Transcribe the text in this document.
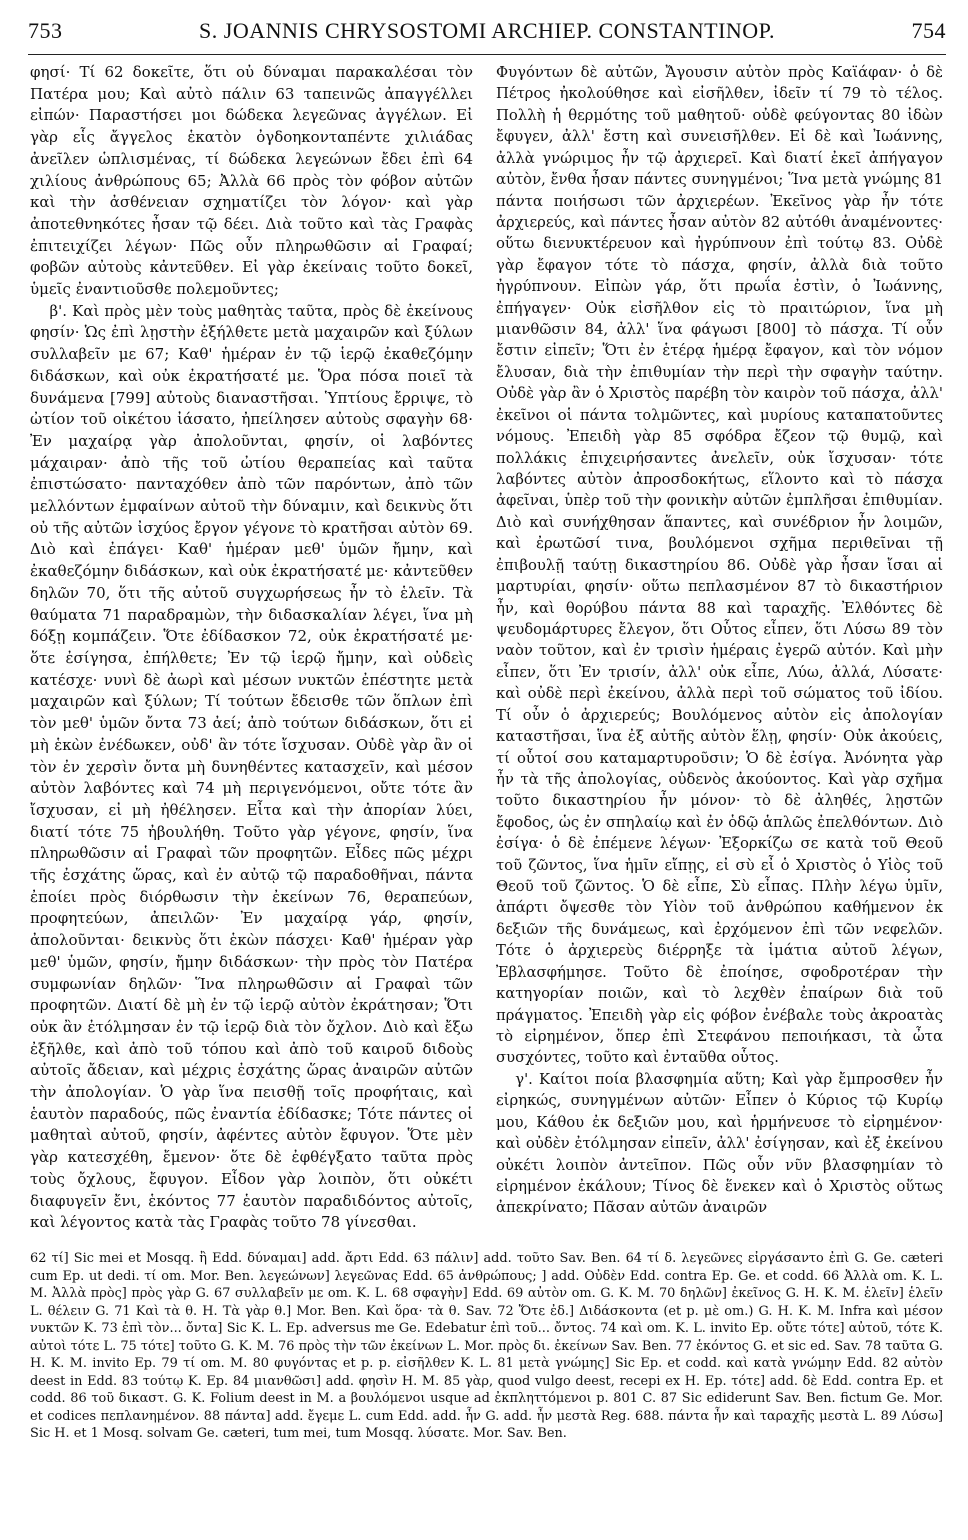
753	S. JOANNIS CHRYSOSTOMI ARCHIEP. CONSTANTINOP.	754

φησί· Τί 62 δοκεῖτε, ὅτι οὐ δύναμαι παρακαλέσαι τὸν Πατέρα μου; Καὶ αὐτὸ πάλιν 63 ταπεινῶς ἀπαγγέλλει εἰπών· Παραστήσει μοι δώδεκα λεγεῶνας ἀγγέλων. Εἰ γὰρ εἷς ἄγγελος ἑκατὸν ὀγδοηκονταπέντε χιλιάδας ἀνεῖλεν ὡπλισμένας, τί δώδεκα λεγεώνων ἔδει ἐπὶ 64 χιλίους ἀνθρώπους 65; Ἀλλὰ 66 πρὸς τὸν φόβον αὐτῶν καὶ τὴν ἀσθένειαν σχηματίζει τὸν λόγον· καὶ γὰρ ἀποτεθνηκότες ἦσαν τῷ δέει. Διὰ τοῦτο καὶ τὰς Γραφὰς ἐπιτειχίζει λέγων· Πῶς οὖν πληρωθῶσιν αἱ Γραφαί; φοβῶν αὐτοὺς κἀντεῦθεν. Εἰ γὰρ ἐκείναις τοῦτο δοκεῖ, ὑμεῖς ἐναντιοῦσθε πολεμοῦντες;

β'. Καὶ πρὸς μὲν τοὺς μαθητὰς ταῦτα, πρὸς δὲ ἐκείνους φησίν· Ὡς ἐπὶ λῃστὴν ἐξήλθετε μετὰ μαχαιρῶν καὶ ξύλων συλλαβεῖν με 67; Καθ' ἡμέραν ἐν τῷ ἱερῷ ἐκαθεζόμην διδάσκων, καὶ οὐκ ἐκρατήσατέ με. Ὅρα πόσα ποιεῖ τὰ δυνάμενα [799] αὐτοὺς διαναστῆσαι. Ὑπτίους ἔρριψε, τὸ ὠτίον τοῦ οἰκέτου ἰάσατο, ἠπείλησεν αὐτοὺς σφαγὴν 68· Ἐν μαχαίρᾳ γὰρ ἀπολοῦνται, φησίν, οἱ λαβόντες μάχαιραν· ἀπὸ τῆς τοῦ ὠτίου θεραπείας καὶ ταῦτα ἐπιστώσατο· πανταχόθεν ἀπὸ τῶν παρόντων, ἀπὸ τῶν μελλόντων ἐμφαίνων αὐτοῦ τὴν δύναμιν, καὶ δεικνὺς ὅτι οὐ τῆς αὐτῶν ἰσχύος ἔργον γέγονε τὸ κρατῆσαι αὐτὸν 69. Διὸ καὶ ἐπάγει· Καθ' ἡμέραν μεθ' ὑμῶν ἤμην, καὶ ἐκαθεζόμην διδάσκων, καὶ οὐκ ἐκρατήσατέ με· κἀντεῦθεν δηλῶν 70, ὅτι τῆς αὐτοῦ συγχωρήσεως ἦν τὸ ἑλεῖν. Τὰ θαύματα 71 παραδραμὼν, τὴν διδασκαλίαν λέγει, ἵνα μὴ δόξῃ κομπάζειν. Ὅτε ἐδίδασκον 72, οὐκ ἐκρατήσατέ με· ὅτε ἐσίγησα, ἐπήλθετε; Ἐν τῷ ἱερῷ ἤμην, καὶ οὐδεὶς κατέσχε· νυνὶ δὲ ἀωρὶ καὶ μέσων νυκτῶν ἐπέστητε μετὰ μαχαιρῶν καὶ ξύλων; Τί τούτων ἔδεισθε τῶν ὅπλων ἐπὶ τὸν μεθ' ὑμῶν ὄντα 73 ἀεί; ἀπὸ τούτων διδάσκων, ὅτι εἰ μὴ ἑκὼν ἐνέδωκεν, οὐδ' ἂν τότε ἴσχυσαν. Οὐδὲ γὰρ ἂν οἱ τὸν ἐν χερσὶν ὄντα μὴ δυνηθέντες κατασχεῖν, καὶ μέσον αὐτὸν λαβόντες καὶ 74 μὴ περιγενόμενοι, οὔτε τότε ἂν ἴσχυσαν, εἰ μὴ ἠθέλησεν. Εἶτα καὶ τὴν ἀπορίαν λύει, διατί τότε 75 ἠβουλήθη. Τοῦτο γὰρ γέγονε, φησίν, ἵνα πληρωθῶσιν αἱ Γραφαὶ τῶν προφητῶν. Εἶδες πῶς μέχρι τῆς ἐσχάτης ὥρας, καὶ ἐν αὐτῷ τῷ παραδοθῆναι, πάντα ἐποίει πρὸς διόρθωσιν τὴν ἐκείνων 76, θεραπεύων, προφητεύων, ἀπειλῶν· Ἐν μαχαίρᾳ γάρ, φησίν, ἀπολοῦνται· δεικνὺς ὅτι ἑκὼν πάσχει· Καθ' ἡμέραν γὰρ μεθ' ὑμῶν, φησίν, ἤμην διδάσκων· τὴν πρὸς τὸν Πατέρα συμφωνίαν δηλῶν· Ἵνα πληρωθῶσιν αἱ Γραφαὶ τῶν προφητῶν. Διατί δὲ μὴ ἐν τῷ ἱερῷ αὐτὸν ἐκράτησαν; Ὅτι οὐκ ἂν ἐτόλμησαν ἐν τῷ ἱερῷ διὰ τὸν ὄχλον. Διὸ καὶ ἔξω ἐξῆλθε, καὶ ἀπὸ τοῦ τόπου καὶ ἀπὸ τοῦ καιροῦ διδοὺς αὐτοῖς ἄδειαν, καὶ μέχρις ἐσχάτης ὥρας ἀναιρῶν αὐτῶν τὴν ἀπολογίαν. Ὁ γὰρ ἵνα πεισθῇ τοῖς προφήταις, καὶ ἑαυτὸν παραδούς, πῶς ἐναντία ἐδίδασκε; Τότε πάντες οἱ μαθηταὶ αὐτοῦ, φησίν, ἀφέντες αὐτὸν ἔφυγον. Ὅτε μὲν γὰρ κατεσχέθη, ἔμενον· ὅτε δὲ ἐφθέγξατο ταῦτα πρὸς τοὺς ὄχλους, ἔφυγον. Εἶδον γὰρ λοιπὸν, ὅτι οὐκέτι διαφυγεῖν ἔνι, ἑκόντος 77 ἑαυτὸν παραδιδόντος αὐτοῖς, καὶ λέγοντος κατὰ τὰς Γραφὰς τοῦτο 78 γίνεσθαι.

Φυγόντων δὲ αὐτῶν, Ἄγουσιν αὐτὸν πρὸς Καϊάφαν· ὁ δὲ Πέτρος ἠκολούθησε καὶ εἰσῆλθεν, ἰδεῖν τί 79 τὸ τέλος. Πολλὴ ἡ θερμότης τοῦ μαθητοῦ· οὐδὲ φεύγοντας 80 ἰδὼν ἔφυγεν, ἀλλ' ἔστη καὶ συνεισῆλθεν. Εἰ δὲ καὶ Ἰωάννης, ἀλλὰ γνώριμος ἦν τῷ ἀρχιερεῖ. Καὶ διατί ἐκεῖ ἀπήγαγον αὐτὸν, ἔνθα ἦσαν πάντες συνηγμένοι; Ἵνα μετὰ γνώμης 81 πάντα ποιήσωσι τῶν ἀρχιερέων. Ἐκεῖνος γὰρ ἦν τότε ἀρχιερεύς, καὶ πάντες ἦσαν αὐτὸν 82 αὐτόθι ἀναμένοντες· οὕτω διενυκτέρευον καὶ ἠγρύπνουν ἐπὶ τούτῳ 83. Οὐδὲ γὰρ ἔφαγον τότε τὸ πάσχα, φησίν, ἀλλὰ διὰ τοῦτο ἠγρύπνουν. Εἰπὼν γάρ, ὅτι πρωΐα ἐστὶν, ὁ Ἰωάννης, ἐπήγαγεν· Οὐκ εἰσῆλθον εἰς τὸ πραιτώριον, ἵνα μὴ μιανθῶσιν 84, ἀλλ' ἵνα φάγωσι [800] τὸ πάσχα. Τί οὖν ἔστιν εἰπεῖν; Ὅτι ἐν ἑτέρᾳ ἡμέρᾳ ἔφαγον, καὶ τὸν νόμον ἔλυσαν, διὰ τὴν ἐπιθυμίαν τὴν περὶ τὴν σφαγὴν ταύτην. Οὐδὲ γὰρ ἂν ὁ Χριστὸς παρέβη τὸν καιρὸν τοῦ πάσχα, ἀλλ' ἐκεῖνοι οἱ πάντα τολμῶντες, καὶ μυρίους καταπατοῦντες νόμους. Ἐπειδὴ γὰρ 85 σφόδρα ἔζεον τῷ θυμῷ, καὶ πολλάκις ἐπιχειρήσαντες ἀνελεῖν, οὐκ ἴσχυσαν· τότε λαβόντες αὐτὸν ἀπροσδοκήτως, εἵλοντο καὶ τὸ πάσχα ἀφεῖναι, ὑπὲρ τοῦ τὴν φονικὴν αὐτῶν ἐμπλῆσαι ἐπιθυμίαν. Διὸ καὶ συνήχθησαν ἅπαντες, καὶ συνέδριον ἦν λοιμῶν, καὶ ἐρωτῶσί τινα, βουλόμενοι σχῆμα περιθεῖναι τῇ ἐπιβουλῇ ταύτῃ δικαστηρίου 86. Οὐδὲ γὰρ ἦσαν ἴσαι αἱ μαρτυρίαι, φησίν· οὕτω πεπλασμένον 87 τὸ δικαστήριον ἦν, καὶ θορύβου πάντα 88 καὶ ταραχῆς. Ἐλθόντες δὲ ψευδομάρτυρες ἔλεγον, ὅτι Οὗτος εἶπεν, ὅτι Λύσω 89 τὸν ναὸν τοῦτον, καὶ ἐν τρισὶν ἡμέραις ἐγερῶ αὐτόν. Καὶ μὴν εἶπεν, ὅτι Ἐν τρισίν, ἀλλ' οὐκ εἶπε, Λύω, ἀλλά, Λύσατε· καὶ οὐδὲ περὶ ἐκείνου, ἀλλὰ περὶ τοῦ σώματος τοῦ ἰδίου. Τί οὖν ὁ ἀρχιερεύς; Βουλόμενος αὐτὸν εἰς ἀπολογίαν καταστῆσαι, ἵνα ἐξ αὐτῆς αὐτὸν ἕλῃ, φησίν· Οὐκ ἀκούεις, τί οὗτοί σου καταμαρτυροῦσιν; Ὁ δὲ ἐσίγα. Ἀνόνητα γὰρ ἦν τὰ τῆς ἀπολογίας, οὐδενὸς ἀκούοντος. Καὶ γὰρ σχῆμα τοῦτο δικαστηρίου ἦν μόνον· τὸ δὲ ἀληθές, λῃστῶν ἔφοδος, ὡς ἐν σπηλαίῳ καὶ ἐν ὁδῷ ἁπλῶς ἐπελθόντων. Διὸ ἐσίγα· ὁ δὲ ἐπέμενε λέγων· Ἐξορκίζω σε κατὰ τοῦ Θεοῦ τοῦ ζῶντος, ἵνα ἡμῖν εἴπῃς, εἰ σὺ εἶ ὁ Χριστὸς ὁ Υἱὸς τοῦ Θεοῦ τοῦ ζῶντος. Ὁ δὲ εἶπε, Σὺ εἶπας. Πλὴν λέγω ὑμῖν, ἀπάρτι ὄψεσθε τὸν Υἱὸν τοῦ ἀνθρώπου καθήμενον ἐκ δεξιῶν τῆς δυνάμεως, καὶ ἐρχόμενον ἐπὶ τῶν νεφελῶν. Τότε ὁ ἀρχιερεὺς διέρρηξε τὰ ἱμάτια αὐτοῦ λέγων, Ἐβλασφήμησε. Τοῦτο δὲ ἐποίησε, σφοδροτέραν τὴν κατηγορίαν ποιῶν, καὶ τὸ λεχθὲν ἐπαίρων διὰ τοῦ πράγματος. Ἐπειδὴ γὰρ εἰς φόβον ἐνέβαλε τοὺς ἀκροατὰς τὸ εἰρημένον, ὅπερ ἐπὶ Στεφάνου πεποιήκασι, τὰ ὦτα συσχόντες, τοῦτο καὶ ἐνταῦθα οὗτος.

γ'. Καίτοι ποία βλασφημία αὕτη; Καὶ γὰρ ἔμπροσθεν ἦν εἰρηκώς, συνηγμένων αὐτῶν· Εἶπεν ὁ Κύριος τῷ Κυρίῳ μου, Κάθου ἐκ δεξιῶν μου, καὶ ἡρμήνευσε τὸ εἰρημένον· καὶ οὐδὲν ἐτόλμησαν εἰπεῖν, ἀλλ' ἐσίγησαν, καὶ ἐξ ἐκείνου οὐκέτι λοιπὸν ἀντεῖπον. Πῶς οὖν νῦν βλασφημίαν τὸ εἰρημένον ἐκάλουν; Τίνος δὲ ἕνεκεν καὶ ὁ Χριστὸς οὕτως ἀπεκρίνατο; Πᾶσαν αὐτῶν ἀναιρῶν

62 τί] Sic mei et Mosqq. ἢ Edd. δύναμαι] add. ἄρτι Edd. 63 πάλιν] add. τοῦτο Sav. Ben. 64 τί δ. λεγεῶνες εἰργάσαντο ἐπὶ G. Ge. cæteri cum Ep. ut dedi. τί om. Mor. Ben. λεγεώνων] λεγεῶνας Edd. 65 ἀνθρώπους; ] add. Οὐδὲν Edd. contra Ep. Ge. et codd. 66 Ἀλλὰ om. K. L. M. Ἀλλὰ πρὸς] πρὸς γὰρ G. 67 συλλαβεῖν με om. K. L. 68 σφαγὴν] Edd. 69 αὐτὸν om. G. K. M. 70 δηλῶν] ἐκεῖνος G. H. K. M. ἑλεῖν] ἑλεῖν L. θέλειν G. 71 Καὶ τὰ θ. H. Τὰ γὰρ θ.] Mor. Ben. Καὶ ὅρα· τὰ θ. Sav. 72 Ὅτε ἐδ.] Διδάσκοντα (et p. μὲ om.) G. H. K. M. Infra καὶ μέσον νυκτῶν K. 73 ἐπὶ τὸν... ὄντα] Sic K. L. Ep. adversus me Ge. Edebatur ἐπὶ τοῦ... ὄντος. 74 καὶ om. K. L. invito Ep. οὔτε τότε] αὐτοῦ, τότε K. αὐτοὶ τότε L. 75 τότε] τοῦτο G. K. M. 76 πρὸς τὴν τῶν ἐκείνων L. Mor. πρὸς δι. ἐκείνων Sav. Ben. 77 ἑκόντος G. et sic ed. Sav. 78 ταῦτα G. H. K. M. invito Ep. 79 τί om. M. 80 φυγόντας et p. p. εἰσῆλθεν K. L. 81 μετὰ γνώμης] Sic Ep. et codd. καὶ κατὰ γνώμην Edd. 82 αὐτὸν deest in Edd. 83 τούτῳ K. Ep. 84 μιανθῶσι] add. φησὶν H. M. 85 γὰρ, quod vulgo deest, recepi ex H. Ep. τότε] add. δὲ Edd. contra Ep. et codd. 86 τοῦ δικαστ. G. K. Folium deest in M. a βουλόμενοι usque ad ἐκπληττόμενοι p. 801 C. 87 Sic ediderunt Sav. Ben. fictum Ge. Mor. et codices πεπλανημένον. 88 πάντα] add. ἔγεμε L. cum Edd. add. ἦν G. add. ἦν μεστὰ Reg. 688. πάντα ἦν καὶ ταραχῆς μεστὰ L. 89 Λύσω] Sic H. et 1 Mosq. solvam Ge. cæteri, tum mei, tum Mosqq. λύσατε. Mor. Sav. Ben.
